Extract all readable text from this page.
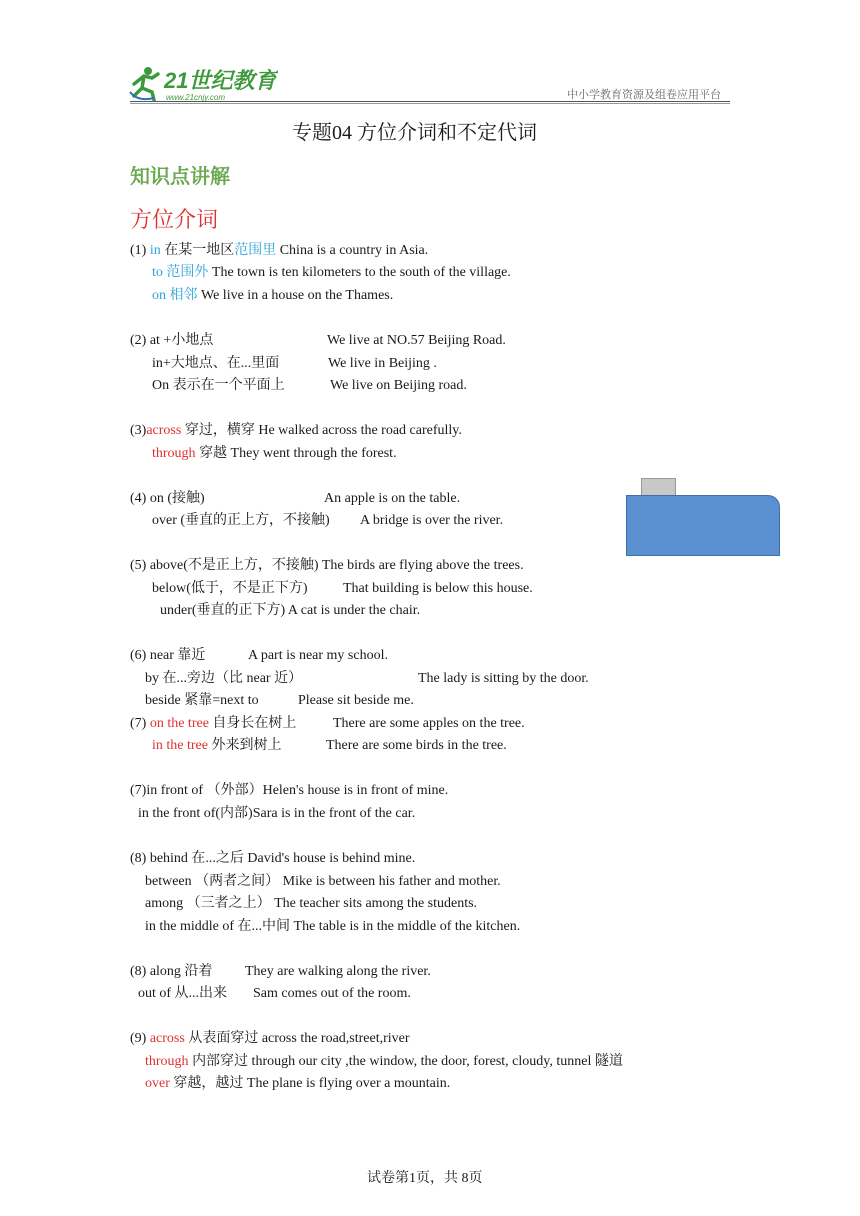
21世纪教育
www.21cnjy.com	中小学教育资源及组卷应用平台
专题04 方位介词和不定代词
知识点讲解
方位介词
(1) in 在某一地区范围里 China is a country in Asia.
to 范围外 The town is ten kilometers to the south of the village.
on 相邻 We live in a house on the Thames.
(2) at +小地点	We live at NO.57 Beijing Road.
in+大地点、在...里面	We live in Beijing .
On 表示在一个平面上	We live on Beijing road.
(3)across 穿过，横穿 He walked across the road carefully.
through 穿越 They went through the forest.
(4) on (接触)	An apple is on the table.
over (垂直的正上方，不接触) A bridge is over the river.
(5) above(不是正上方，不接触) The birds are flying above the trees.
below(低于，不是正下方)	That building is below this house.
under(垂直的正下方) A cat is under the chair.
(6) near 靠近	A part is near my school.
by 在...旁边（比 near 近）	The lady is sitting by the door.
beside 紧靠=next to	Please sit beside me.
(7) on the tree 自身长在树上	There are some apples on the tree.
in the tree 外来到树上	There are some birds in the tree.
(7)in front of （外部）Helen's house is in front of mine.
in the front of(内部)Sara is in the front of the car.
(8) behind 在...之后 David's house is behind mine.
between （两者之间） Mike is between his father and mother.
among （三者之上） The teacher sits among the students.
in the middle of 在...中间 The table is in the middle of the kitchen.
(8) along 沿着 They are walking along the river.
out of 从...出来 Sam comes out of the room.
(9) across 从表面穿过 across the road,street,river
through 内部穿过 through our city ,the window, the door, forest, cloudy, tunnel 隧道
over 穿越，越过 The plane is flying over a mountain.
试卷第1页，共 8页
